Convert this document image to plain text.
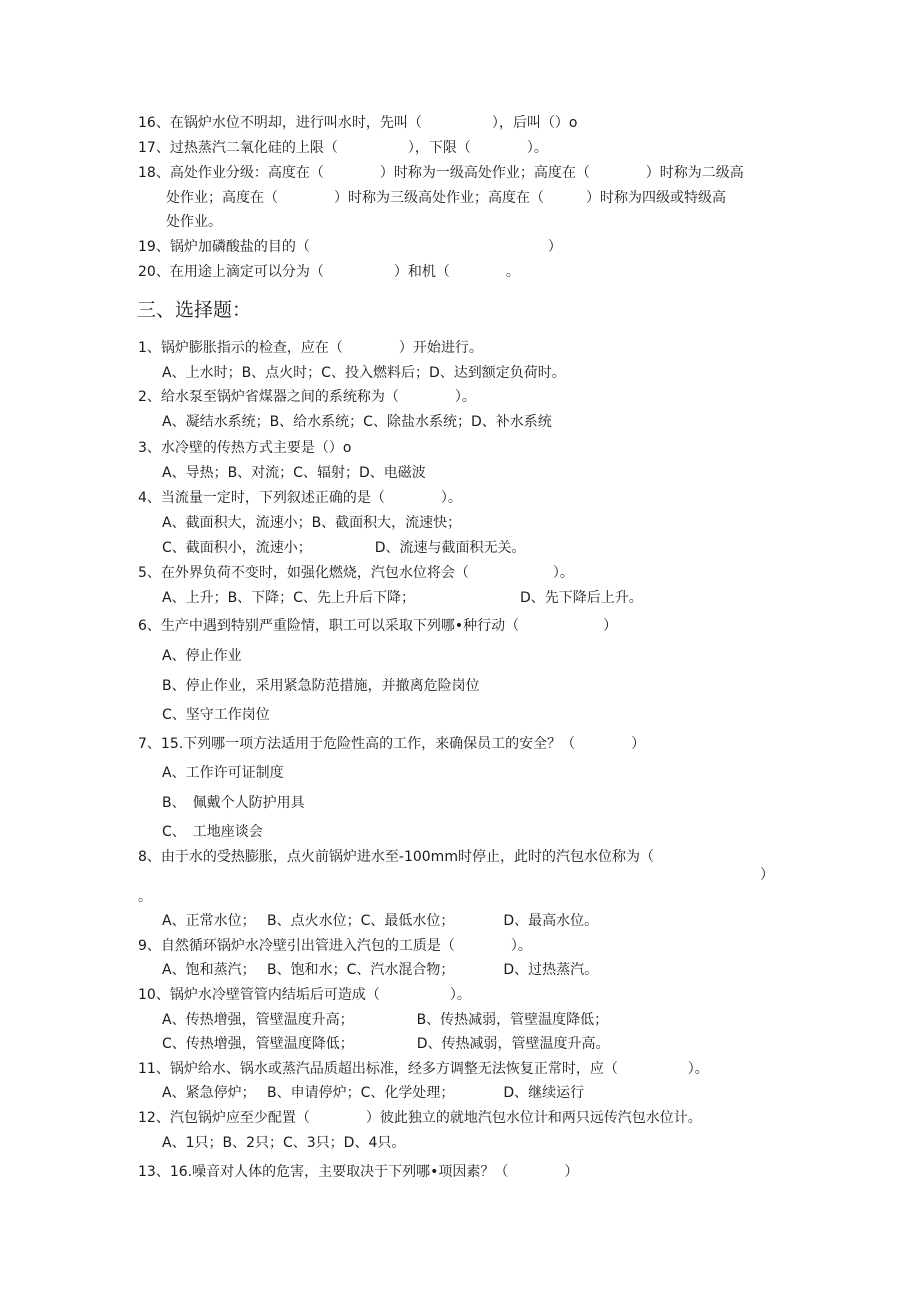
16、在锅炉水位不明却，进行叫水时，先叫（　　　　　），后叫（）o
17、过热蒸汽二氧化硅的上限（　　　　　），下限（　　　　）。
18、高处作业分级：高度在（　　　　）时称为一级高处作业；高度在（　　　　）时称为二级高
处作业；高度在（　　　　）时称为三级高处作业；高度在（　　　）时称为四级或特级高
处作业。
19、锅炉加磷酸盐的目的（　　　　　　　　　　　　　　　　　）
20、在用途上滴定可以分为（　　　　　）和机（　　　　。
三、选择题：
1、锅炉膨胀指示的检查，应在（　　　　）开始进行。
A、上水时；B、点火时；C、投入燃料后；D、达到额定负荷时。
2、给水泵至锅炉省煤器之间的系统称为（　　　　）。
A、凝结水系统；B、给水系统；C、除盐水系统；D、补水系统
3、水冷壁的传热方式主要是（）o
A、导热；B、对流；C、辐射；D、电磁波
4、当流量一定时，下列叙述正确的是（　　　　）。
A、截面积大，流速小；B、截面积大，流速快；
C、截面积小，流速小；　　　　　D、流速与截面积无关。
5、在外界负荷不变时，如强化燃烧，汽包水位将会（　　　　　　）。
A、上升；B、下降；C、先上升后下降；　　　　　　　　D、先下降后上升。
6、生产中遇到特别严重险情，职工可以采取下列哪•种行动（　　　　　　）
A、停止作业
B、停止作业，采用紧急防范措施，并撤离危险岗位
C、坚守工作岗位
7、15.下列哪一项方法适用于危险性高的工作，来确保员工的安全？（　　　　）
A、工作许可证制度
B、　佩戴个人防护用具
C、　工地座谈会
8、由于水的受热膨胀，点火前锅炉进水至-100mm时停止，此时的汽包水位称为（
）
。
A、正常水位；　 B、点火水位；C、最低水位；　　　　D、最高水位。
9、自然循环锅炉水冷壁引出管进入汽包的工质是（　　　　）。
A、饱和蒸汽；　 B、饱和水；C、汽水混合物；　　　　D、过热蒸汽。
10、锅炉水冷壁管管内结垢后可造成（　　　　　）。
A、传热增强，管壁温度升高；　　　　　B、传热减弱，管壁温度降低；
C、传热增强，管壁温度降低；　　　　　D、传热减弱，管壁温度升高。
11、锅炉给水、锅水或蒸汽品质超出标准，经多方调整无法恢复正常时，应（　　　　　）。
A、紧急停炉；　 B、申请停炉；C、化学处理；　　　　D、继续运行
12、汽包锅炉应至少配置（　　　　）彼此独立的就地汽包水位计和两只远传汽包水位计。
A、1只；B、2只；C、3只；D、4只。
13、16.噪音对人体的危害，主要取决于下列哪•项因素？（　　　　）
